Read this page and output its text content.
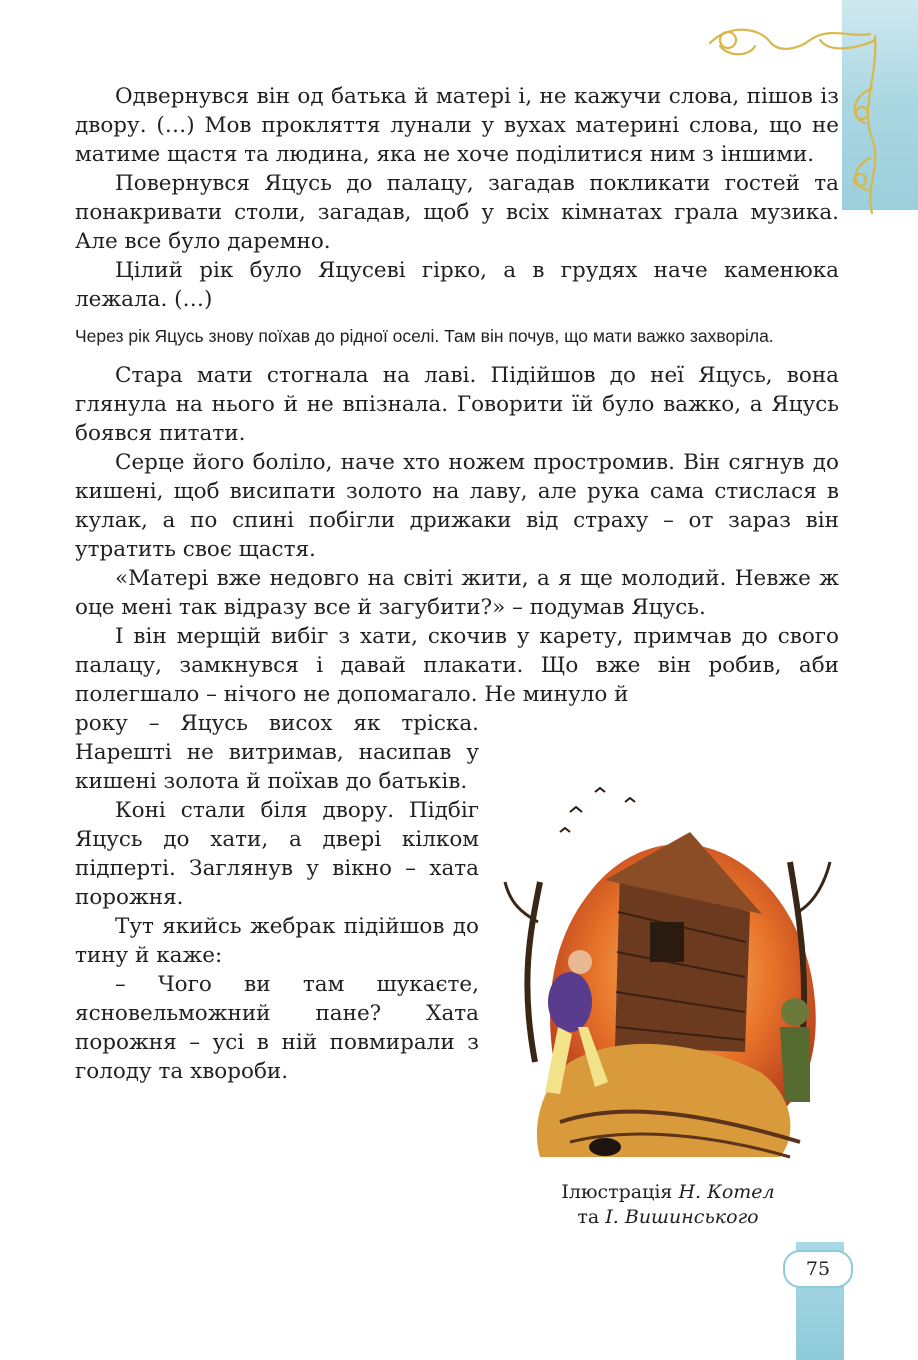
Одвернувся він од батька й матері і, не кажучи слова, пішов із двору. (…) Мов прокляття лунали у вухах материні слова, що не матиме щастя та людина, яка не хоче поділитися ним з іншими.

Повернувся Яцусь до палацу, загадав покликати гостей та понакривати столи, загадав, щоб у всіх кімнатах грала музика. Але все було даремно.

Цілий рік було Яцусеві гірко, а в грудях наче каменюка лежала. (…)

Через рік Яцусь знову поїхав до рідної оселі. Там він почув, що мати важко захворіла.

Стара мати стогнала на лаві. Підійшов до неї Яцусь, вона глянула на нього й не впізнала. Говорити їй було важко, а Яцусь боявся питати.

Серце його боліло, наче хто ножем простромив. Він сягнув до кишені, щоб висипати золото на лаву, але рука сама стислася в кулак, а по спині побігли дрижаки від страху – от зараз він утратить своє щастя.

«Матері вже недовго на світі жити, а я ще молодий. Невже ж оце мені так відразу все й загубити?» – подумав Яцусь.

І він мерщій вибіг з хати, скочив у карету, примчав до свого палацу, замкнувся і давай плакати. Що вже він робив, аби полегшало – нічого не допомагало. Не минуло й

року – Яцусь висох як тріска. Нарешті не витримав, насипав у кишені золота й поїхав до батьків.

Коні стали біля двору. Підбіг Яцусь до хати, а двері кілком підперті. Заглянув у вікно – хата порожня.

Тут якийсь жебрак підійшов до тину й каже:

– Чого ви там шукаєте, ясновельможний пане? Хата порожня – усі в ній повмирали з голоду та хвороби.

Ілюстрація Н. Котел
та І. Вишинського
75
